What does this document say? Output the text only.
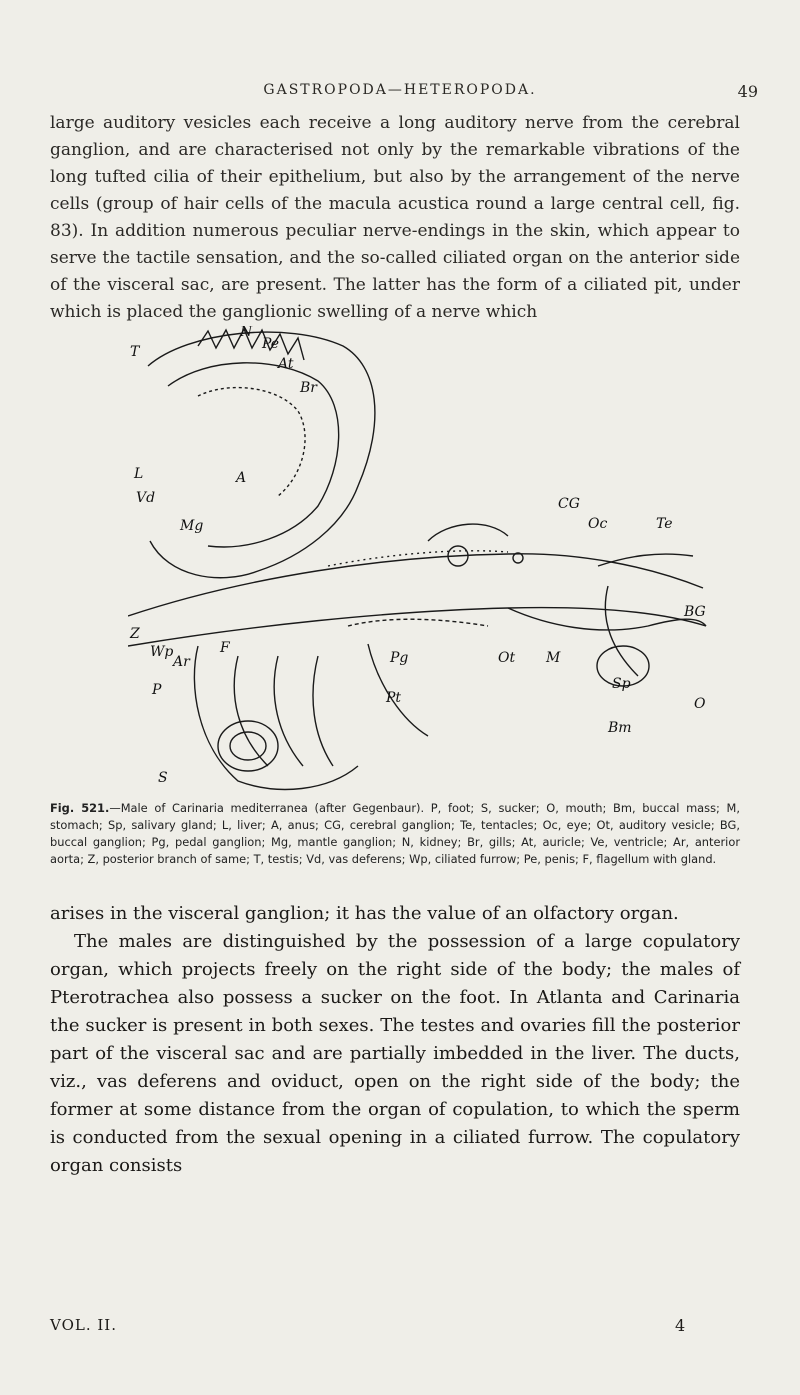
GASTROPODA—HETEROPODA.	49

large auditory vesicles each receive a long auditory nerve from the cerebral ganglion, and are characterised not only by the remarkable vibrations of the long tufted cilia of their epithelium, but also by the arrangement of the nerve cells (group of hair cells of the macula acustica round a large central cell, fig. 83). In addition numerous peculiar nerve-endings in the skin, which appear to serve the tactile sensation, and the so-called ciliated organ on the anterior side of the visceral sac, are present. The latter has the form of a ciliated pit, under which is placed the ganglionic swelling of a nerve which

N
Pe
At
Br
T
L	A
Vd
Mg
CG
Oc	Te
BG
Z
Wp
Ar
F
P
Pg
Pt
Ot M
Sp
O
Bm
S
Fig. 521.—Male of Carinaria mediterranea (after Gegenbaur). P, foot; S, sucker; O, mouth; Bm, buccal mass; M, stomach; Sp, salivary gland; L, liver; A, anus; CG, cerebral ganglion; Te, tentacles; Oc, eye; Ot, auditory vesicle; BG, buccal ganglion; Pg, pedal ganglion; Mg, mantle ganglion; N, kidney; Br, gills; At, auricle; Ve, ventricle; Ar, anterior aorta; Z, posterior branch of same; T, testis; Vd, vas deferens; Wp, ciliated furrow; Pe, penis; F, flagellum with gland.
arises in the visceral ganglion; it has the value of an olfactory organ.
The males are distinguished by the possession of a large copulatory organ, which projects freely on the right side of the body; the males of Pterotrachea also possess a sucker on the foot. In Atlanta and Carinaria the sucker is present in both sexes. The testes and ovaries fill the posterior part of the visceral sac and are partially imbedded in the liver. The ducts, viz., vas deferens and oviduct, open on the right side of the body; the former at some distance from the organ of copulation, to which the sperm is conducted from the sexual opening in a ciliated furrow. The copulatory organ consists
VOL. II.	4
